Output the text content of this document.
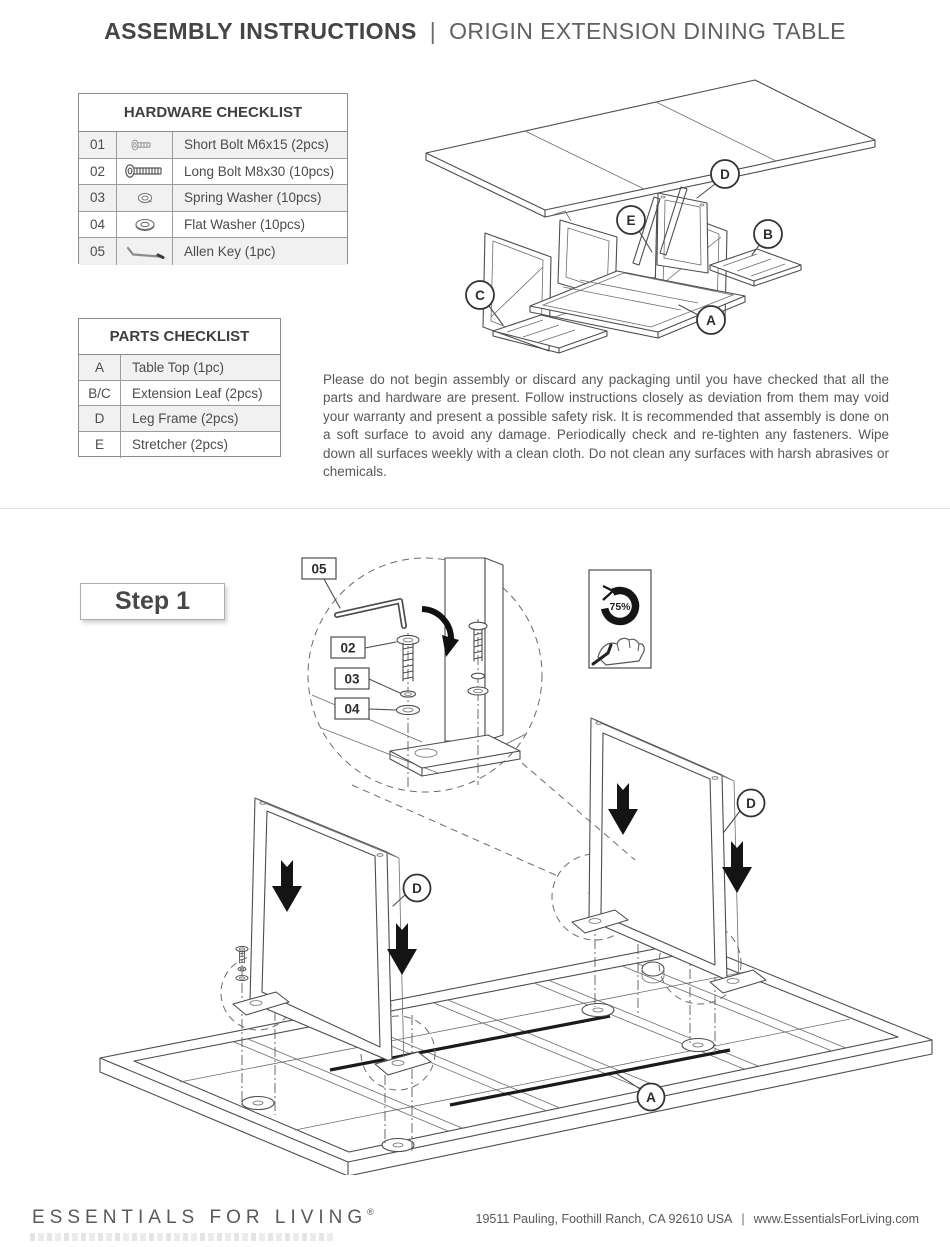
ASSEMBLY INSTRUCTIONS | ORIGIN EXTENSION DINING TABLE
HARDWARE CHECKLIST
01	Short Bolt M6x15 (2pcs)
02	Long Bolt M8x30 (10pcs)
03	Spring Washer (10pcs)
04	Flat Washer (10pcs)
05	Allen Key (1pc)
PARTS CHECKLIST
A	Table Top (1pc)
B/C	Extension Leaf (2pcs)
D	Leg Frame (2pcs)
E	Stretcher (2pcs)
D
E
B
C
A
Please do not begin assembly or discard any packaging until you have checked that all the parts and hardware are present. Follow instructions closely as deviation from them may void your warranty and present a possible safety risk. It is recommended that assembly is done on a soft surface to avoid any damage. Periodically check and re-tighten any fasteners. Wipe down all surfaces weekly with a clean cloth. Do not clean any surfaces with harsh abrasives or chemicals.
Step 1
05
02
03
04
75%
D
D
A
ESSENTIALS FOR LIVING®	19511 Pauling, Foothill Ranch, CA 92610 USA | www.EssentialsForLiving.com
